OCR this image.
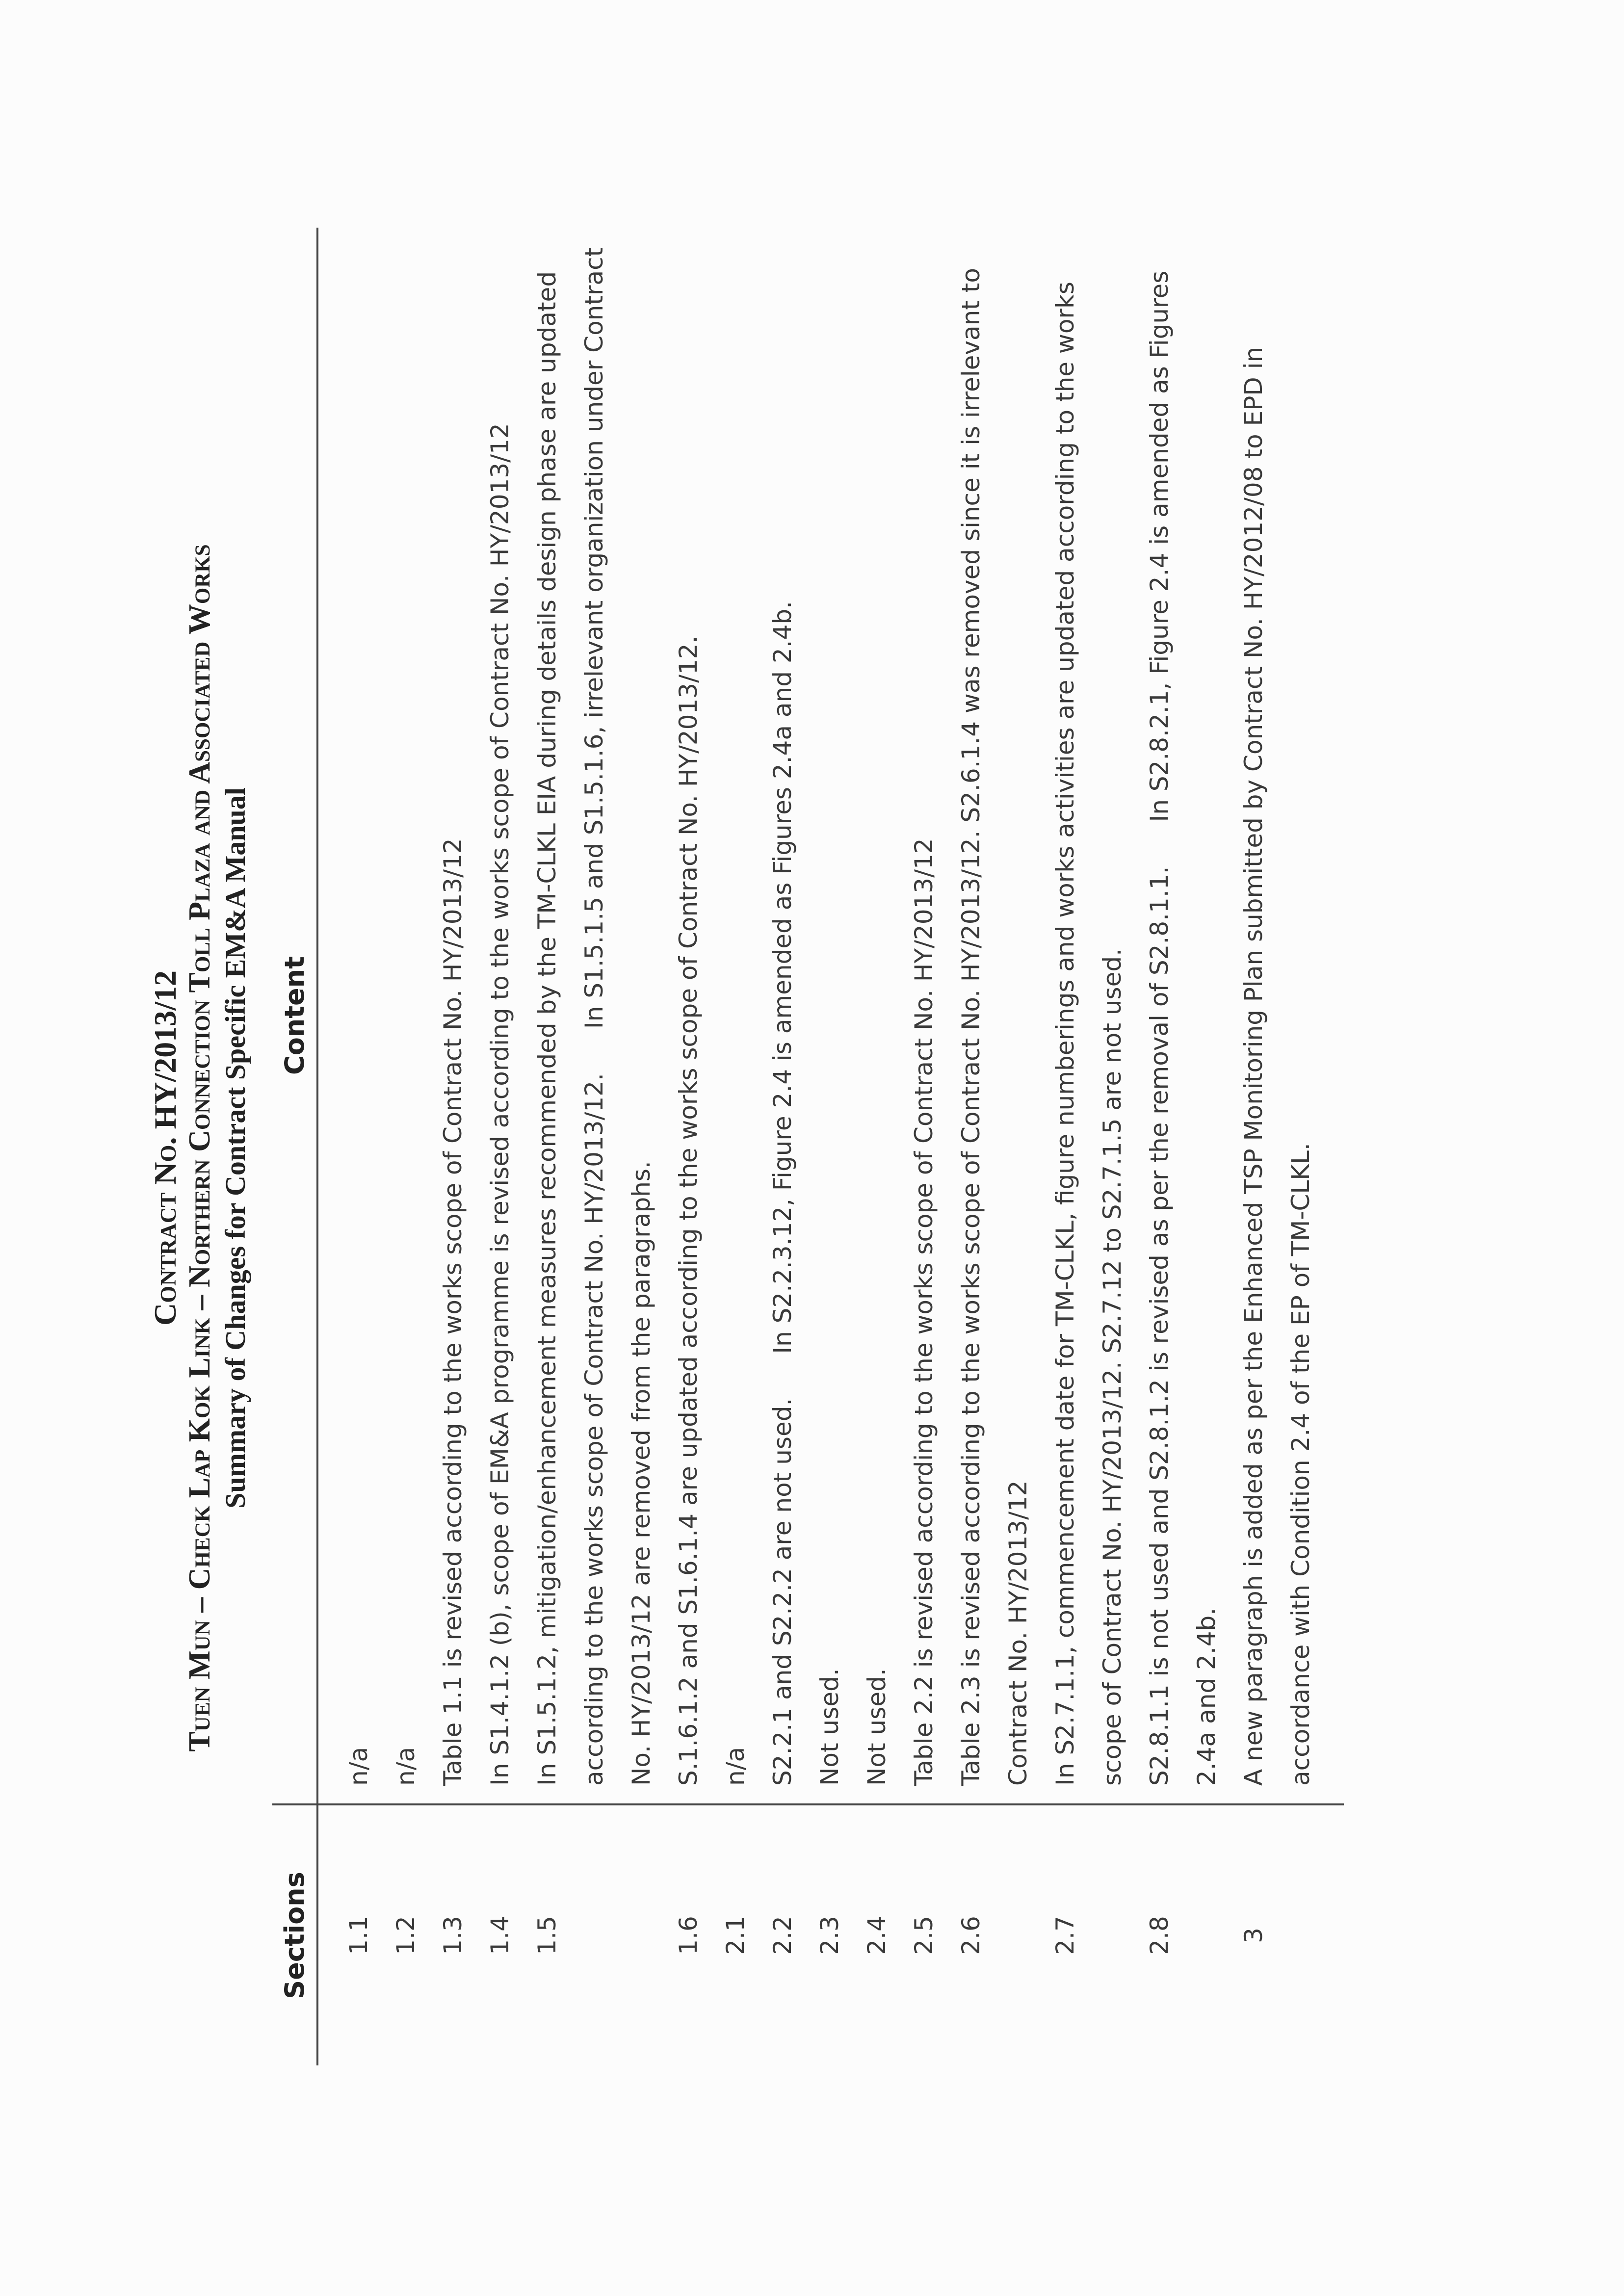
Contract No. HY/2013/12 Tuen Mun – Check Lap Kok Link – Northern Connection Toll Plaza and Associated Works Summary of Changes for Contract Specific EM&A Manual
Sections	Content
1.1	n/a
1.2	n/a
1.3	Table 1.1 is revised according to the works scope of Contract No. HY/2013/12
1.4	In S1.4.1.2 (b), scope of EM&A programme is revised according to the works scope of Contract No. HY/2013/12
1.5	In S1.5.1.2, mitigation/enhancement measures recommended by the TM-CLKL EIA during details design phase are updated according to the works scope of Contract No. HY/2013/12.In S1.5.1.5 and S1.5.1.6, irrelevant organization under Contract No. HY/2013/12 are removed from the paragraphs.
1.6	S.1.6.1.2 and S1.6.1.4 are updated according to the works scope of Contract No. HY/2013/12.
2.1	n/a
2.2	S2.2.1 and S2.2.2 are not used.In S2.2.3.12, Figure 2.4 is amended as Figures 2.4a and 2.4b.
2.3	Not used.
2.4	Not used.
2.5	Table 2.2 is revised according to the works scope of Contract No. HY/2013/12
2.6	Table 2.3 is revised according to the works scope of Contract No. HY/2013/12. S2.6.1.4 was removed since it is irrelevant to Contract No. HY/2013/12
2.7	In S2.7.1.1, commencement date for TM-CLKL, figure numberings and works activities are updated according to the works scope of Contract No. HY/2013/12. S2.7.12 to S2.7.1.5 are not used.
2.8	S2.8.1.1 is not used and S2.8.1.2 is revised as per the removal of S2.8.1.1.In S2.8.2.1, Figure 2.4 is amended as Figures 2.4a and 2.4b.
3	A new paragraph is added as per the Enhanced TSP Monitoring Plan submitted by Contract No. HY/2012/08 to EPD in accordance with Condition 2.4 of the EP of TM-CLKL.
